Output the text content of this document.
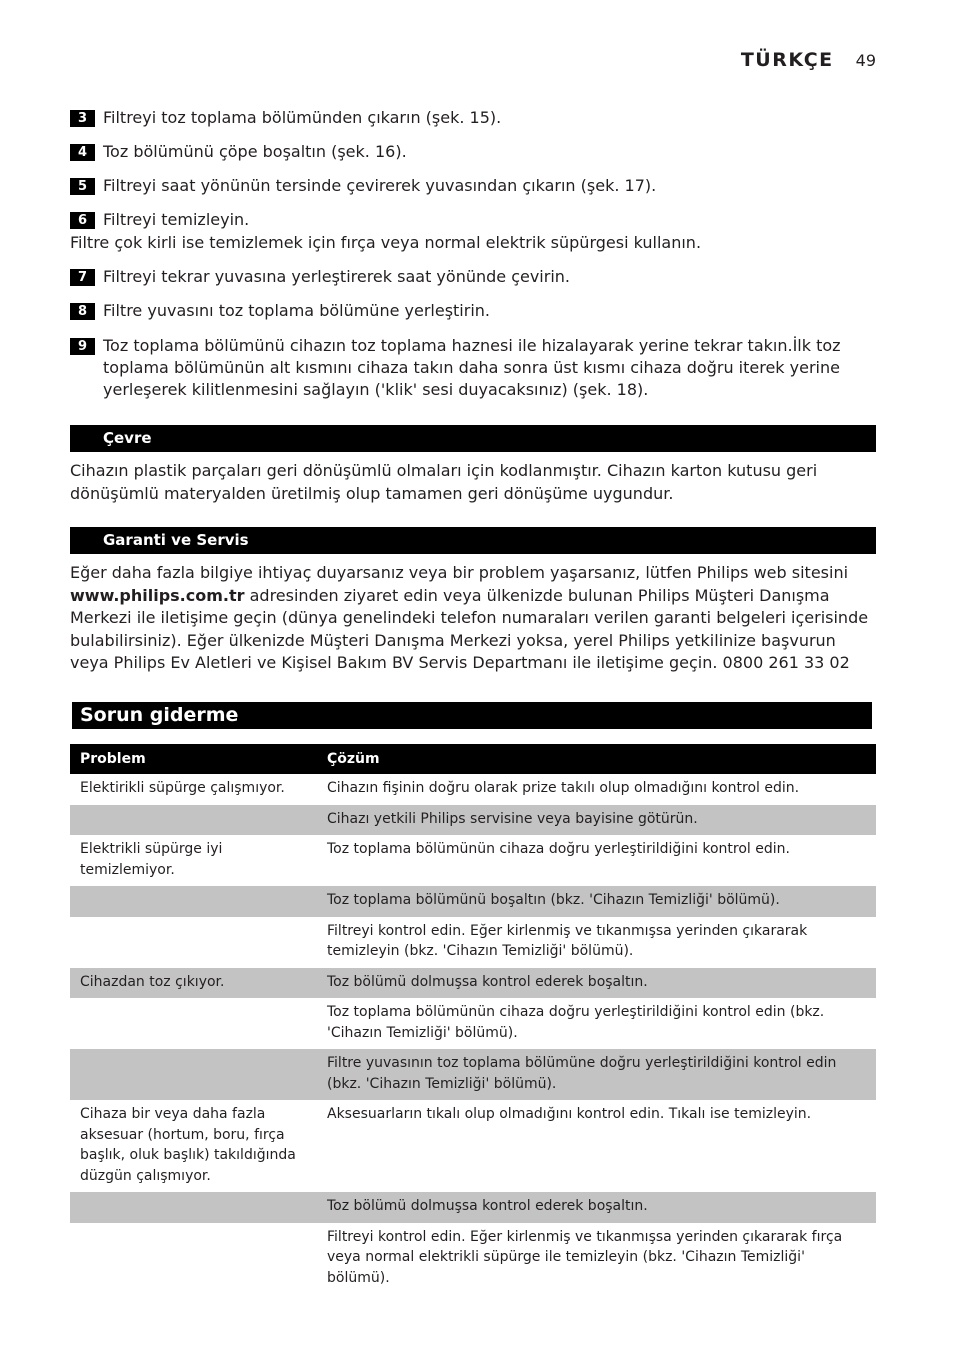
TÜRKÇE 49
3 Filtreyi toz toplama bölümünden çıkarın (şek. 15).
4 Toz bölümünü çöpe boşaltın (şek. 16).
5 Filtreyi saat yönünün tersinde çevirerek yuvasından çıkarın (şek. 17).
6 Filtreyi temizleyin.
Filtre çok kirli ise temizlemek için fırça veya normal elektrik süpürgesi kullanın.
7 Filtreyi tekrar yuvasına yerleştirerek saat yönünde çevirin.
8 Filtre yuvasını toz toplama bölümüne yerleştirin.
9 Toz toplama bölümünü cihazın toz toplama haznesi ile hizalayarak yerine tekrar takın.İlk toz toplama bölümünün alt kısmını cihaza takın daha sonra üst kısmı cihaza doğru iterek yerine yerleşerek kilitlenmesini sağlayın ('klik' sesi duyacaksınız) (şek. 18).
Çevre
Cihazın plastik parçaları geri dönüşümlü olmaları için kodlanmıştır. Cihazın karton kutusu geri dönüşümlü materyalden üretilmiş olup tamamen geri dönüşüme uygundur.
Garanti ve Servis
Eğer daha fazla bilgiye ihtiyaç duyarsanız veya bir problem yaşarsanız, lütfen Philips web sitesini www.philips.com.tr adresinden ziyaret edin veya ülkenizde bulunan Philips Müşteri Danışma Merkezi ile iletişime geçin (dünya genelindeki telefon numaraları verilen garanti belgeleri içerisinde bulabilirsiniz). Eğer ülkenizde Müşteri Danışma Merkezi yoksa, yerel Philips yetkilinize başvurun veya Philips Ev Aletleri ve Kişisel Bakım BV Servis Departmanı ile iletişime geçin. 0800 261 33 02
Sorun giderme
Problem	Çözüm
Elektirikli süpürge çalışmıyor.	Cihazın fişinin doğru olarak prize takılı olup olmadığını kontrol edin.
	Cihazı yetkili Philips servisine veya bayisine götürün.
Elektrikli süpürge iyi temizlemiyor.	Toz toplama bölümünün cihaza doğru yerleştirildiğini kontrol edin.
	Toz toplama bölümünü boşaltın (bkz. 'Cihazın Temizliği' bölümü).
	Filtreyi kontrol edin. Eğer kirlenmiş ve tıkanmışsa yerinden çıkararak temizleyin (bkz. 'Cihazın Temizliği' bölümü).
Cihazdan toz çıkıyor.	Toz bölümü dolmuşsa kontrol ederek boşaltın.
	Toz toplama bölümünün cihaza doğru yerleştirildiğini kontrol edin (bkz. 'Cihazın Temizliği' bölümü).
	Filtre yuvasının toz toplama bölümüne doğru yerleştirildiğini kontrol edin (bkz. 'Cihazın Temizliği' bölümü).
Cihaza bir veya daha fazla aksesuar (hortum, boru, fırça başlık, oluk başlık) takıldığında düzgün çalışmıyor.	Aksesuarların tıkalı olup olmadığını kontrol edin. Tıkalı ise temizleyin.
	Toz bölümü dolmuşsa kontrol ederek boşaltın.
	Filtreyi kontrol edin. Eğer kirlenmiş ve tıkanmışsa yerinden çıkararak fırça veya normal elektrikli süpürge ile temizleyin (bkz. 'Cihazın Temizliği' bölümü).
